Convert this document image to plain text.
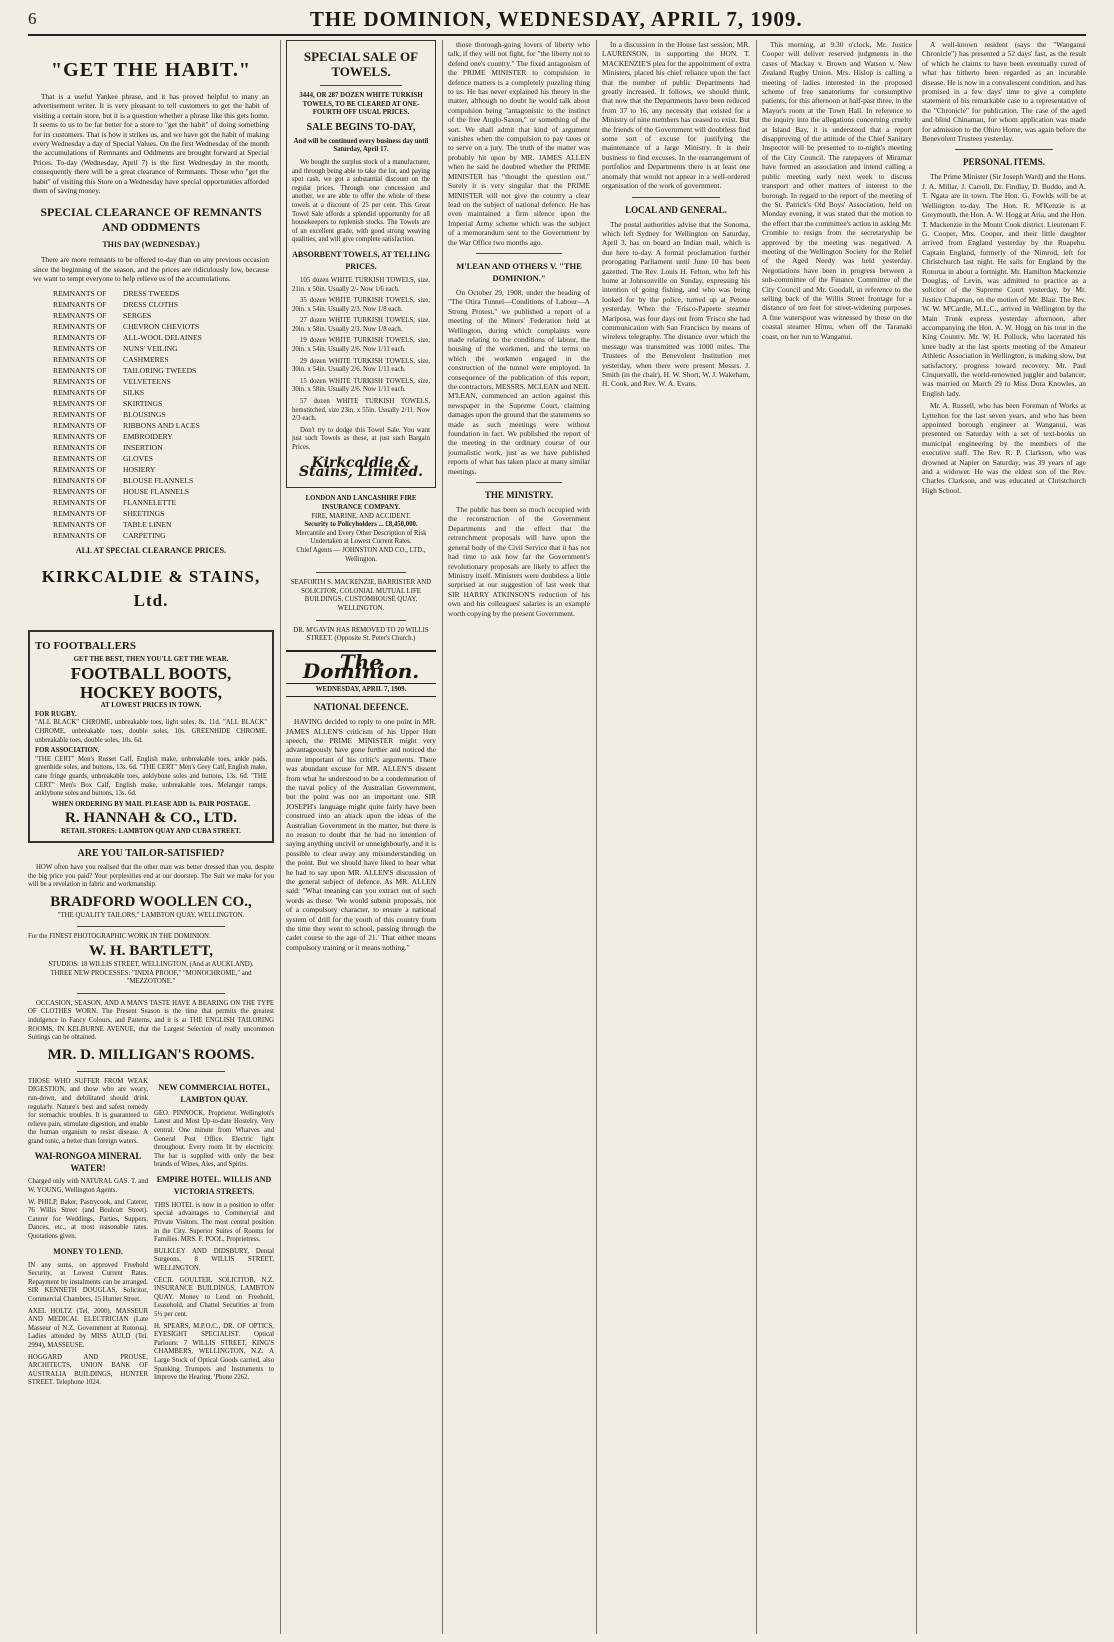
6	THE DOMINION, WEDNESDAY, APRIL 7, 1909.
"GET THE HABIT."

That is a useful Yankee phrase, and it has proved helpful to many an advertisement writer. It is very pleasant to tell customers to get the habit of visiting a certain store, but it is a question whether a phrase like this gets home. It seems to us to be far better for a store to "get the habit" of doing something for its customers. That is how it strikes us, and we have got the habit of making every Wednesday a day of Special Values. On the first Wednesday of the month the accumulations of Remnants and Oddments are brought forward at Special Prices. To-day (Wednesday, April 7) is the first Wednesday in the month, consequently there will be a great clearance of Remnants. Those who "get the habit" of visiting this Store on a Wednesday have special opportunities afforded them of saving money.

SPECIAL CLEARANCE OF REMNANTS AND ODDMENTS
THIS DAY (WEDNESDAY.)

There are more remnants to be offered to-day than on any previous occasion since the beginning of the season, and the prices are ridiculously low, because we want to tempt everyone to help relieve us of the accumulations.

REMNANTS OF	DRESS TWEEDS
REMNANTS OF	DRESS CLOTHS
REMNANTS OF	SERGES
REMNANTS OF	CHEVRON CHEVIOTS
REMNANTS OF	ALL-WOOL DELAINES
REMNANTS OF	NUNS' VEILING
REMNANTS OF	CASHMERES
REMNANTS OF	TAILORING TWEEDS
REMNANTS OF	VELVETEENS
REMNANTS OF	SILKS
REMNANTS OF	SKIRTINGS
REMNANTS OF	BLOUSINGS
REMNANTS OF	RIBBONS AND LACES
REMNANTS OF	EMBROIDERY
REMNANTS OF	INSERTION
REMNANTS OF	GLOVES
REMNANTS OF	HOSIERY
REMNANTS OF	BLOUSE FLANNELS
REMNANTS OF	HOUSE FLANNELS
REMNANTS OF	FLANNELETTE
REMNANTS OF	SHEETINGS
REMNANTS OF	TABLE LINEN
REMNANTS OF	CARPETING
ALL AT SPECIAL CLEARANCE PRICES.
KIRKCALDIE & STAINS, Ltd.
TO FOOTBALLERS
GET THE BEST, THEN YOU'LL GET THE WEAR.
FOOTBALL BOOTS,
HOCKEY BOOTS,
AT LOWEST PRICES IN TOWN.
FOR RUGBY.
"ALL BLACK" CHROME, unbreakable toes, light soles, 8s. 11d. "ALL BLACK" CHROME, unbreakable toes, double soles, 10s. GREENHIDE CHROME, unbreakable toes, double soles, 10s. 6d.
FOR ASSOCIATION.
"THE CERT" Men's Russet Calf, English make, unbreakable toes, ankle pads, greenhide soles, and buttons, 13s. 6d. "THE CERT" Men's Grey Calf, English make, cane fringe guards, unbreakable toes, anklybone soles and buttons, 13s. 6d. "THE CERT" Men's Box Calf, English make, unbreakable toes, Melanger ramps, anklybone soles and buttons, 13s. 6d.
WHEN ORDERING BY MAIL PLEASE ADD 1s. PAIR POSTAGE.
R. HANNAH & CO., LTD.
RETAIL STORES: LAMBTON QUAY AND CUBA STREET.
ARE YOU TAILOR-SATISFIED?

HOW often have you realised that the other man was better dressed than you, despite the big price you paid? Your perplexities end at our doorstep. The Suit we make for you will be a revelation in fabric and workmanship.

BRADFORD WOOLLEN CO.,
"THE QUALITY TAILORS," LAMBTON QUAY, WELLINGTON.
For the FINEST PHOTOGRAPHIC WORK IN THE DOMINION.
W. H. BARTLETT,
STUDIOS: 18 WILLIS STREET, WELLINGTON, (And at AUCKLAND).
THREE NEW PROCESSES: "INDIA PROOF," "MONOCHROME," and "MEZZOTONE."

OCCASION, SEASON, AND A MAN'S TASTE HAVE A BEARING ON THE TYPE OF CLOTHES WORN. The Present Season is the time that permits the greatest indulgence in Fancy Colours, and Patterns, and it is at THE ENGLISH TAILORING ROOMS, IN KELBURNE AVENUE, that the Largest Selection of really uncommon Suitings can be obtained.

MR. D. MILLIGAN'S ROOMS.
THOSE WHO SUFFER FROM WEAK DIGESTION, and those who are weary, run-down, and debilitated should drink regularly. Nature's best and safest remedy for stomachic troubles. It is guaranteed to relieve pain, stimulate digestion, and enable the human organism to resist disease. A grand tonic, a better than foreign waters.
WAI-RONGOA MINERAL WATER!
Charged only with NATURAL GAS. T. and W. YOUNG, Wellington Agents.
W. PHILP, Baker, Pastrycook, and Caterer, 76 Willis Street (and Boulcott Street). Caterer for Weddings, Parties, Suppers, Dances, etc., at most reasonable rates. Quotations given.
MONEY TO LEND.
IN any sums, on approved Freehold Security, at Lowest Current Rates. Repayment by instalments can be arranged. SIR KENNETH DOUGLAS, Solicitor, Commercial Chambers, 15 Hunter Street.
AXEL HOLTZ (Tel. 2000), MASSEUR AND MEDICAL ELECTRICIAN (Late Masseur of N.Z. Government at Rotorua). Ladies attended by MISS AULD (Tel. 2994), MASSEUSE.
HOGGARD AND PROUSE, ARCHITECTS, UNION BANK OF AUSTRALIA BUILDINGS, HUNTER STREET. Telephone 1024.
NEW COMMERCIAL HOTEL, LAMBTON QUAY.
GEO. PINNOCK, Proprietor. Wellington's Latest and Most Up-to-date Hostelry. Very central. One minute from Wharves and General Post Office. Electric light throughout. Every room lit by electricity. The bar is supplied with only the best brands of Wines, Ales, and Spirits.
EMPIRE HOTEL. WILLIS AND VICTORIA STREETS.
THIS HOTEL is now in a position to offer special advantages to Commercial and Private Visitors. The most central position in the City. Superior Suites of Rooms for Families. MRS. F. POOL, Proprietress.
BULKLEY AND DIDSBURY, Dental Surgeons, 8 WILLIS STREET, WELLINGTON.
CECIL GOULTER, SOLICITOR, N.Z. INSURANCE BUILDINGS, LAMBTON QUAY. Money to Lend on Freehold, Leasehold, and Chattel Securities at from 5½ per cent.
H. SPEARS, M.P.O.C., DR. OF OPTICS, EYESIGHT SPECIALIST. Optical Parlours: 7 WILLIS STREET, KING'S CHAMBERS, WELLINGTON, N.Z. A Large Stock of Optical Goods carried, also Spanking Trumpets and Instruments to Improve the Hearing. 'Phone 2262.
SPECIAL SALE OF TOWELS.
3444, OR 287 DOZEN WHITE TURKISH TOWELS, TO BE CLEARED AT ONE-FOURTH OFF USUAL PRICES.
SALE BEGINS TO-DAY,
And will be continued every business day until Saturday, April 17.

We bought the surplus stock of a manufacturer, and through being able to take the lot, and paying spot cash, we got a substantial discount on the regular prices. Through one concession and another, we are able to offer the whole of these towels at a discount of 25 per cent. This Great Towel Sale affords a splendid opportunity for all housekeepers to replenish stocks. The Towels are of an excellent grade, with good strong weaving qualities, and will give complete satisfaction.

ABSORBENT TOWELS, AT TELLING PRICES.

105 dozen WHITE TURKISH TOWELS, size, 21in. x 50in. Usually 2/- Now 1/6 each.

35 dozen WHITE TURKISH TOWELS, size, 20in. x 54in. Usually 2/3. Now 1/8 each.

27 dozen WHITE TURKISH TOWELS, size, 20in. x 58in. Usually 2/3. Now 1/8 each.

19 dozen WHITE TURKISH TOWELS, size, 20in. x 54in. Usually 2/6. Now 1/11 each.

29 dozen WHITE TURKISH TOWELS, size, 30in. x 54in. Usually 2/6. Now 1/11 each.

15 dozen WHITE TURKISH TOWELS, size, 30in. x 58in. Usually 2/6. Now 1/11 each.

57 dozen WHITE TURKISH TOWELS, hemstitched, size 23in. x 55in. Usually 2/11. Now 2/3 each.

Don't try to dodge this Towel Sale. You want just such Towels as these, at just such Bargain Prices.

Kirkcaldie & Stains, Limited.
LONDON AND LANCASHIRE FIRE INSURANCE COMPANY.
FIRE, MARINE, AND ACCIDENT.
Security to Policyholders ... £8,450,000.
Mercantile and Every Other Description of Risk Undertaken at Lowest Current Rates.
Chief Agents — JOHNSTON AND CO., LTD., Wellington.
SEAFORTH S. MACKENZIE, BARRISTER AND SOLICITOR, COLONIAL MUTUAL LIFE BUILDINGS, CUSTOMHOUSE QUAY, WELLINGTON.
DR. M'GAVIN HAS REMOVED TO 20 WILLIS STREET. (Opposite St. Peter's Church.)
The Dominion.
WEDNESDAY, APRIL 7, 1909.
NATIONAL DEFENCE.

HAVING decided to reply to one point in MR. JAMES ALLEN'S criticism of his Upper Hutt speech, the PRIME MINISTER might very advantageously have gone further and noticed the more important of his critic's arguments. There was abundant excuse for MR. ALLEN'S dissent from what he understood to be a condemnation of the naval policy of the Australian Government, but the point was not an important one. SIR JOSEPH's language might quite fairly have been construed into an attack upon the ideas of the Australian Government in the matter, but there is no reason to doubt that he had no intention of saying anything uncivil or unneighbourly, and it is possible to clear away any misunderstanding on the point. But we should have liked to hear what he had to say upon MR. ALLEN'S discussion of the general subject of defence. As MR. ALLEN said: "What meaning can you extract out of such words as these: 'We would submit proposals, not of a compulsory character, to ensure a national system of drill for the youth of this country from the time they went to school, passing through the cadet course to the age of 21.' That either means compulsory training or it means nothing."

those thorough-going lovers of liberty who talk, if they will not fight, for "the liberty not to defend one's country." The fixed antagonism of the PRIME MINISTER to compulsion in defence matters is a completely puzzling thing to us. He has never explained his theory in the matter, although no doubt he would talk about compulsion being "antagonistic to the instinct of the free Anglo-Saxon," or something of the sort. We shall admit that kind of argument vanishes when the compulsion to pay taxes or to serve on a jury. The truth of the matter was probably hit upon by MR. JAMES ALLEN when he said he doubted whether the PRIME MINISTER has "thought the question out." Surely it is very singular that the PRIME MINISTER will not give the country a clear lead on the subject of national defence. He has even maintained a firm silence upon the Imperial Army scheme which was the subject of a memorandum sent to the Government by the War Office two months ago.

M'LEAN AND OTHERS V. "THE DOMINION."

On October 29, 1908, under the heading of "The Otira Tunnel—Conditions of Labour—A Strong Protest," we published a report of a meeting of the Miners' Federation held at Wellington, during which complaints were made relating to the conditions of labour, the housing of the workmen, and the terms on which the workmen engaged in the construction of the tunnel were employed. In consequence of the publication of this report, the contractors, MESSRS. MCLEAN and NEIL M'LEAN, commenced an action against this newspaper in the Supreme Court, claiming damages upon the ground that the statements so made as such meetings were without foundation in fact. We published the report of the meeting in the ordinary course of our journalistic work, just as we have published reports of what has taken place at many similar meetings.

THE MINISTRY.

The public has been so much occupied with the reconstruction of the Government Departments and the effect that the retrenchment proposals will have upon the general body of the Civil Service that it has not had time to ask how far the Government's revolutionary proposals are likely to affect the Ministry itself. Ministers were doubtless a little surprised at our suggestion of last week that SIR HARRY ATKINSON'S reduction of his own and his colleagues' salaries is an example worth copying by the present Government.

In a discussion in the House last session, MR. LAURENSON, in supporting the HON. T. MACKENZIE'S plea for the appointment of extra Ministers, placed his chief reliance upon the fact that the number of public Departments had greatly increased. It follows, we should think, that now that the Departments have been reduced from 37 to 16, any necessity that existed for a Ministry of nine members has ceased to exist. But the friends of the Government will doubtless find some sort of excuse for justifying the maintenance of a large Ministry. It is their business to find excuses. In the rearrangement of portfolios and Departments there is at least one anomaly that would not appear in a well-ordered organisation of the work of government.

LOCAL AND GENERAL.

The postal authorities advise that the Sonoma, which left Sydney for Wellington on Saturday, April 3, has on board an Indian mail, which is due here to-day. A formal proclamation further prorogating Parliament until June 10 has been gazetted. The Rev. Louis H. Felton, who left his home at Johnsonville on Sunday, expressing his intention of going fishing, and who was being looked for by the police, turned up at Petone yesterday. When the 'Frisco-Papeete steamer Mariposa, was four days out from 'Frisco she had communication with San Francisco by means of wireless telegraphy. The distance over which the message was transmitted was 1000 miles. The Trustees of the Benevolent Institution met yesterday, when there were present Messrs. J. Smith (in the chair), H. W. Short, W. J. Wakeham, H. Cook, and Rev. W. A. Evans.

This morning, at 9.30 o'clock, Mr. Justice Cooper will deliver reserved judgments in the cases of Mackay v. Brown and Watson v. New Zealand Rugby Union. Mrs. Hislop is calling a meeting of ladies interested in the proposed scheme of free sanatoriums for consumptive patients, for this afternoon at half-past three, in the Mayor's room at the Town Hall. In reference to the inquiry into the allegations concerning cruelty at Island Bay, it is understood that a report disapproving of the attitude of the Chief Sanitary Inspector will be presented to to-night's meeting of the City Council. The ratepayers of Miramar have formed an association and intend calling a public meeting early next week to discuss transport and other matters of interest to the borough. In regard to the report of the meeting of the St. Patrick's Old Boys' Association, held on Monday evening, it was stated that the motion to the effect that the committee's action in asking Mr. Crombie to resign from the secretaryship be approved by the meeting was negatived. A meeting of the Wellington Society for the Relief of the Aged Needy was held yesterday. Negotiations have been in progress between a sub-committee of the Finance Committee of the City Council and Mr. Goodall, in reference to the selling back of the Willis Street frontage for a distance of ten feet for street-widening purposes. A fine waterspout was witnessed by those on the coastal steamer Himu, when off the Taranaki coast, on her run to Wanganui.

A well-known resident (says the "Wanganui Chronicle") has presented a 52 days' fast, as the result of which he claims to have been eventually cured of what has hitherto been regarded as an incurable disease. He is now in a convalescent condition, and has promised in a few days' time to give a complete statement of his remarkable case to a representative of the "Chronicle" for publication. The case of the aged and blind Chinaman, for whom application was made for admission to the Ohiro Home, was again before the Benevolent Trustees yesterday.

PERSONAL ITEMS.

The Prime Minister (Sir Joseph Ward) and the Hons. J. A. Millar, J. Carroll, Dr. Findlay, D. Buddo, and A. T. Ngata are in town. The Hon. G. Fowlds will be at Wellington to-day. The Hon. R. M'Kenzie is at Greymouth, the Hon. A. W. Hogg at Aria, and the Hon. T. Mackenzie in the Mount Cook district. Lieutenant F. G. Cooper, Mrs. Cooper, and their little daughter arrived from England yesterday by the Ruapehu. Captain England, formerly of the Nimrod, left for Christchurch last night. He sails for England by the Rotorua in about a fortnight. Mr. Hamilton Mackenzie Douglas, of Levin, was admitted to practice as a solicitor of the Supreme Court yesterday, by Mr. Justice Chapman, on the motion of Mr. Blair. The Rev. W. W. M'Cardle, M.L.C., arrived in Wellington by the Main Trunk express yesterday afternoon, after accompanying the Hon. A. W. Hogg on his tour in the King Country. Mr. W. H. Pollock, who lacerated his knee badly at the last sports meeting of the Amateur Athletic Association in Wellington, is making slow, but satisfactory, progress toward recovery. Mr. Paul Cinquevalli, the world-renowned juggler and balancer, was married on March 29 to Miss Dora Knowles, an English lady.

Mr. A. Russell, who has been Foreman of Works at Lyttelton for the last seven years, and who has been appointed borough engineer at Wanganui, was presented on Saturday with a set of text-books on municipal engineering by the members of the executive staff. The Rev. R. P. Clarkson, who was drowned at Napier on Saturday, was 39 years of age and a widower. He was the eldest son of the Rev. Charles Clarkson, and was educated at Christchurch High School.
